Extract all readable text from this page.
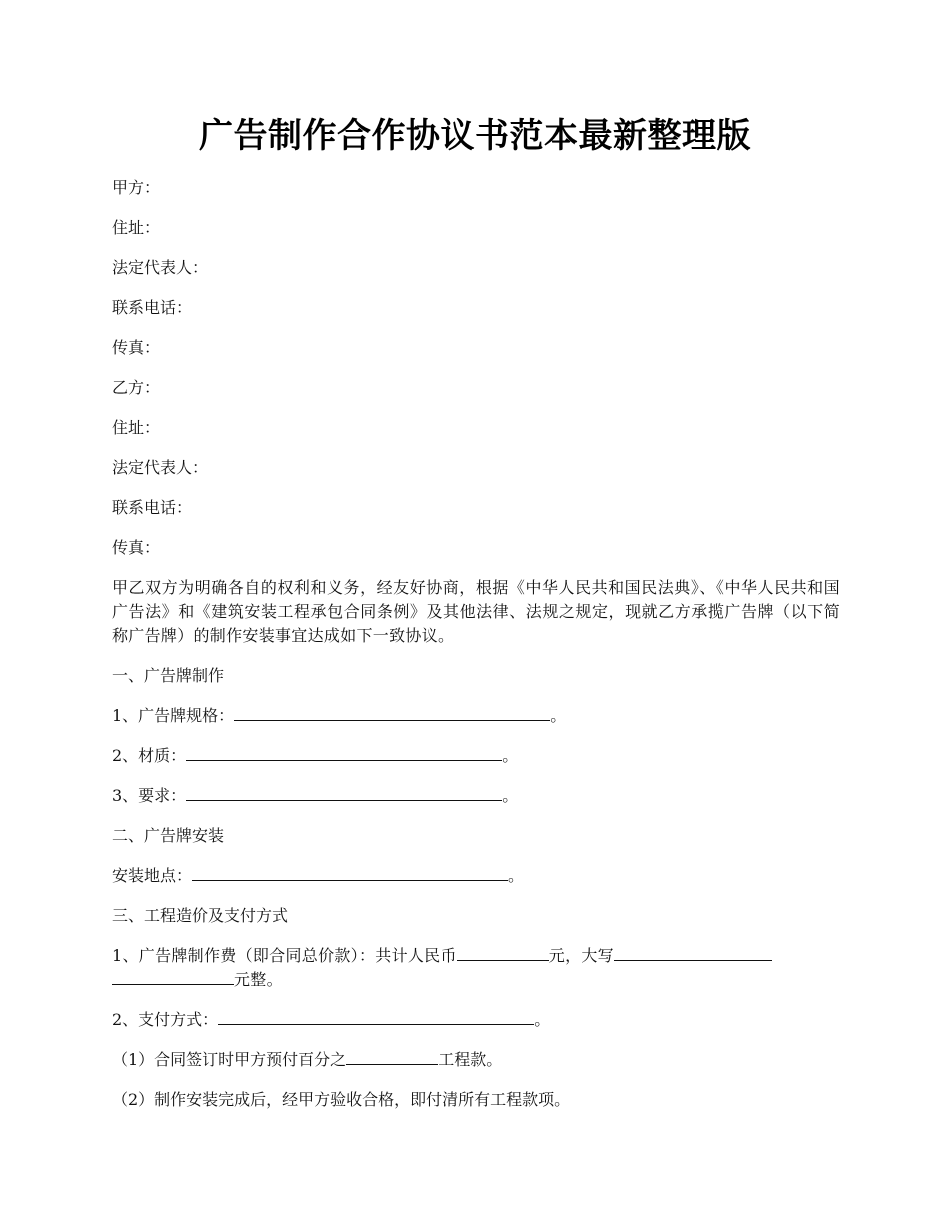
广告制作合作协议书范本最新整理版
甲方：
住址：
法定代表人：
联系电话：
传真：
乙方：
住址：
法定代表人：
联系电话：
传真：
甲乙双方为明确各自的权利和义务，经友好协商，根据《中华人民共和国民法典》、《中华人民共和国广告法》和《建筑安装工程承包合同条例》及其他法律、法规之规定，现就乙方承揽广告牌（以下简称广告牌）的制作安装事宜达成如下一致协议。
一、广告牌制作
1、广告牌规格：	。
2、材质：	。
3、要求：	。
二、广告牌安装
安装地点：	。
三、工程造价及支付方式
1、广告牌制作费（即合同总价款）：共计人民币	元，大写
元整。
2、支付方式：	。
（1）合同签订时甲方预付百分之	工程款。
（2）制作安装完成后，经甲方验收合格，即付清所有工程款项。
